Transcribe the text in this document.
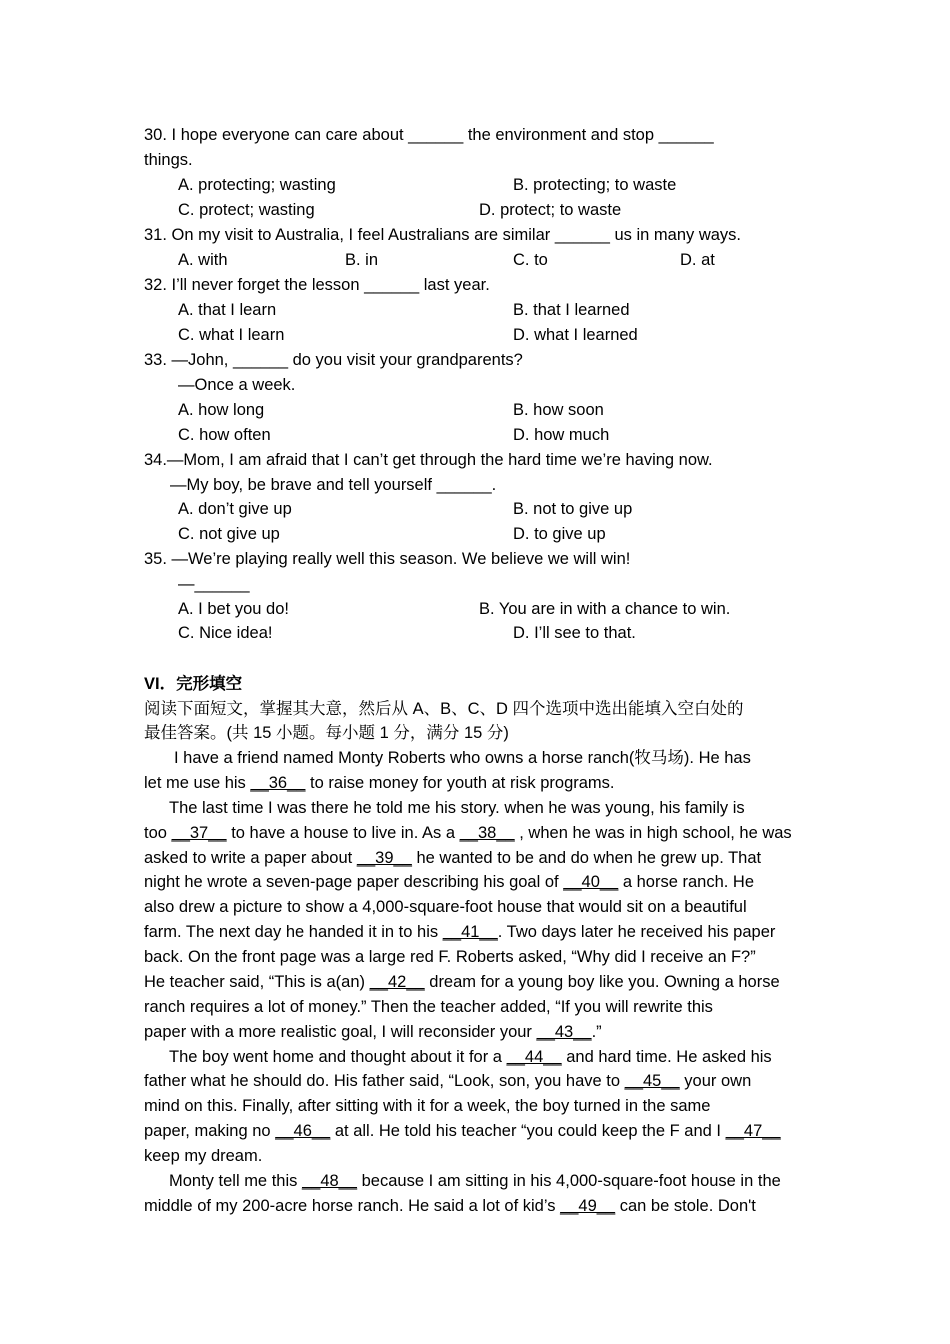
30. I hope everyone can care about ______ the environment and stop ______
things.
A. protecting; wasting	B. protecting; to waste
C. protect; wasting	D. protect; to waste
31. On my visit to Australia, I feel Australians are similar ______ us in many ways.
A. with	B. in	C. to	D. at
32. I’ll never forget the lesson ______ last year.
A. that I learn	B. that I learned
C. what I learn	D. what I learned
33. —John, ______ do you visit your grandparents?
—Once a week.
A. how long	B. how soon
C. how often	D. how much
34.—Mom, I am afraid that I can’t get through the hard time we’re having now.
—My boy, be brave and tell yourself ______.
A. don’t give up	B. not to give up
C. not give up	D. to give up
35. —We’re playing really well this season. We believe we will win!
—______
A. I bet you do!	B. You are in with a chance to win.
C. Nice idea!	D. I’ll see to that.
VI．完形填空
阅读下面短文，掌握其大意，然后从 A、B、C、D 四个选项中选出能填入空白处的
最佳答案。(共 15 小题。每小题 1 分，满分 15 分)
I have a friend named Monty Roberts who owns a horse ranch(牧马场). He has
let me use his __36__ to raise money for youth at risk programs.
The last time I was there he told me his story. when he was young, his family is
too __37__ to have a house to live in. As a __38__ , when he was in high school, he was
asked to write a paper about __39__ he wanted to be and do when he grew up. That
night he wrote a seven-page paper describing his goal of __40__ a horse ranch. He
also drew a picture to show a 4,000-square-foot house that would sit on a beautiful
farm. The next day he handed it in to his __41__. Two days later he received his paper
back. On the front page was a large red F. Roberts asked, “Why did I receive an F?”
He teacher said, “This is a(an) __42__ dream for a young boy like you. Owning a horse
ranch requires a lot of money.” Then the teacher added, “If you will rewrite this
paper with a more realistic goal, I will reconsider your __43__.”
The boy went home and thought about it for a __44__ and hard time. He asked his
father what he should do. His father said, “Look, son, you have to __45__ your own
mind on this. Finally, after sitting with it for a week, the boy turned in the same
paper, making no __46__ at all. He told his teacher “you could keep the F and I __47__
keep my dream.
Monty tell me this __48__ because I am sitting in his 4,000-square-foot house in the
middle of my 200-acre horse ranch. He said a lot of kid’s __49__ can be stole. Don't
